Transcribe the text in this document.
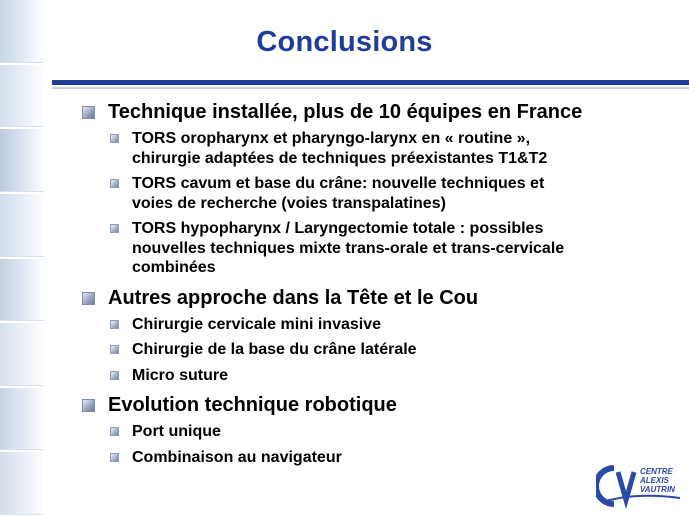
Conclusions
Technique installée, plus de 10 équipes en France
TORS oropharynx et pharyngo-larynx en « routine »,
chirurgie adaptées de techniques préexistantes T1&T2
TORS cavum et base du crâne: nouvelle techniques et
voies de recherche (voies transpalatines)
TORS hypopharynx / Laryngectomie totale : possibles
nouvelles techniques mixte trans-orale et trans-cervicale
combinées
Autres approche dans la Tête et le Cou
Chirurgie cervicale mini invasive
Chirurgie de la base du crâne latérale
Micro suture
Evolution technique robotique
Port unique
Combinaison au navigateur
CENTRE
ALEXIS
VAUTRIN
